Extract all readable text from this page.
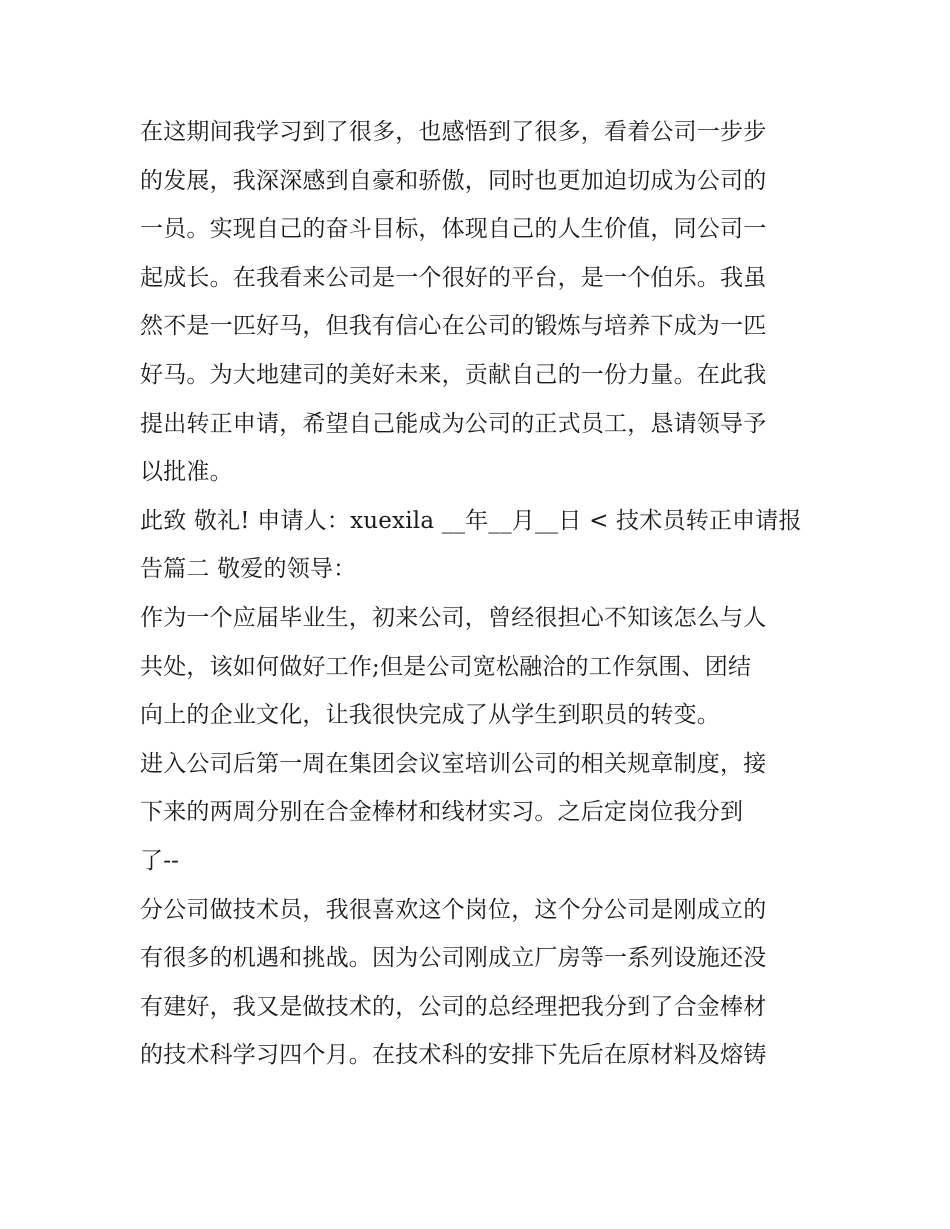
在这期间我学习到了很多，也感悟到了很多，看着公司一步步
的发展，我深深感到自豪和骄傲，同时也更加迫切成为公司的
一员。实现自己的奋斗目标，体现自己的人生价值，同公司一
起成长。在我看来公司是一个很好的平台，是一个伯乐。我虽
然不是一匹好马，但我有信心在公司的锻炼与培养下成为一匹
好马。为大地建司的美好未来，贡献自己的一份力量。在此我
提出转正申请，希望自己能成为公司的正式员工，恳请领导予
以批准。

此致 敬礼! 申请人：xuexila __年__月__日 < 技术员转正申请报
告篇二 敬爱的领导：

作为一个应届毕业生，初来公司，曾经很担心不知该怎么与人
共处，该如何做好工作;但是公司宽松融洽的工作氛围、团结
向上的企业文化，让我很快完成了从学生到职员的转变。

进入公司后第一周在集团会议室培训公司的相关规章制度，接
下来的两周分别在合金棒材和线材实习。之后定岗位我分到
了--

分公司做技术员，我很喜欢这个岗位，这个分公司是刚成立的
有很多的机遇和挑战。因为公司刚成立厂房等一系列设施还没
有建好，我又是做技术的，公司的总经理把我分到了合金棒材
的技术科学习四个月。在技术科的安排下先后在原材料及熔铸
